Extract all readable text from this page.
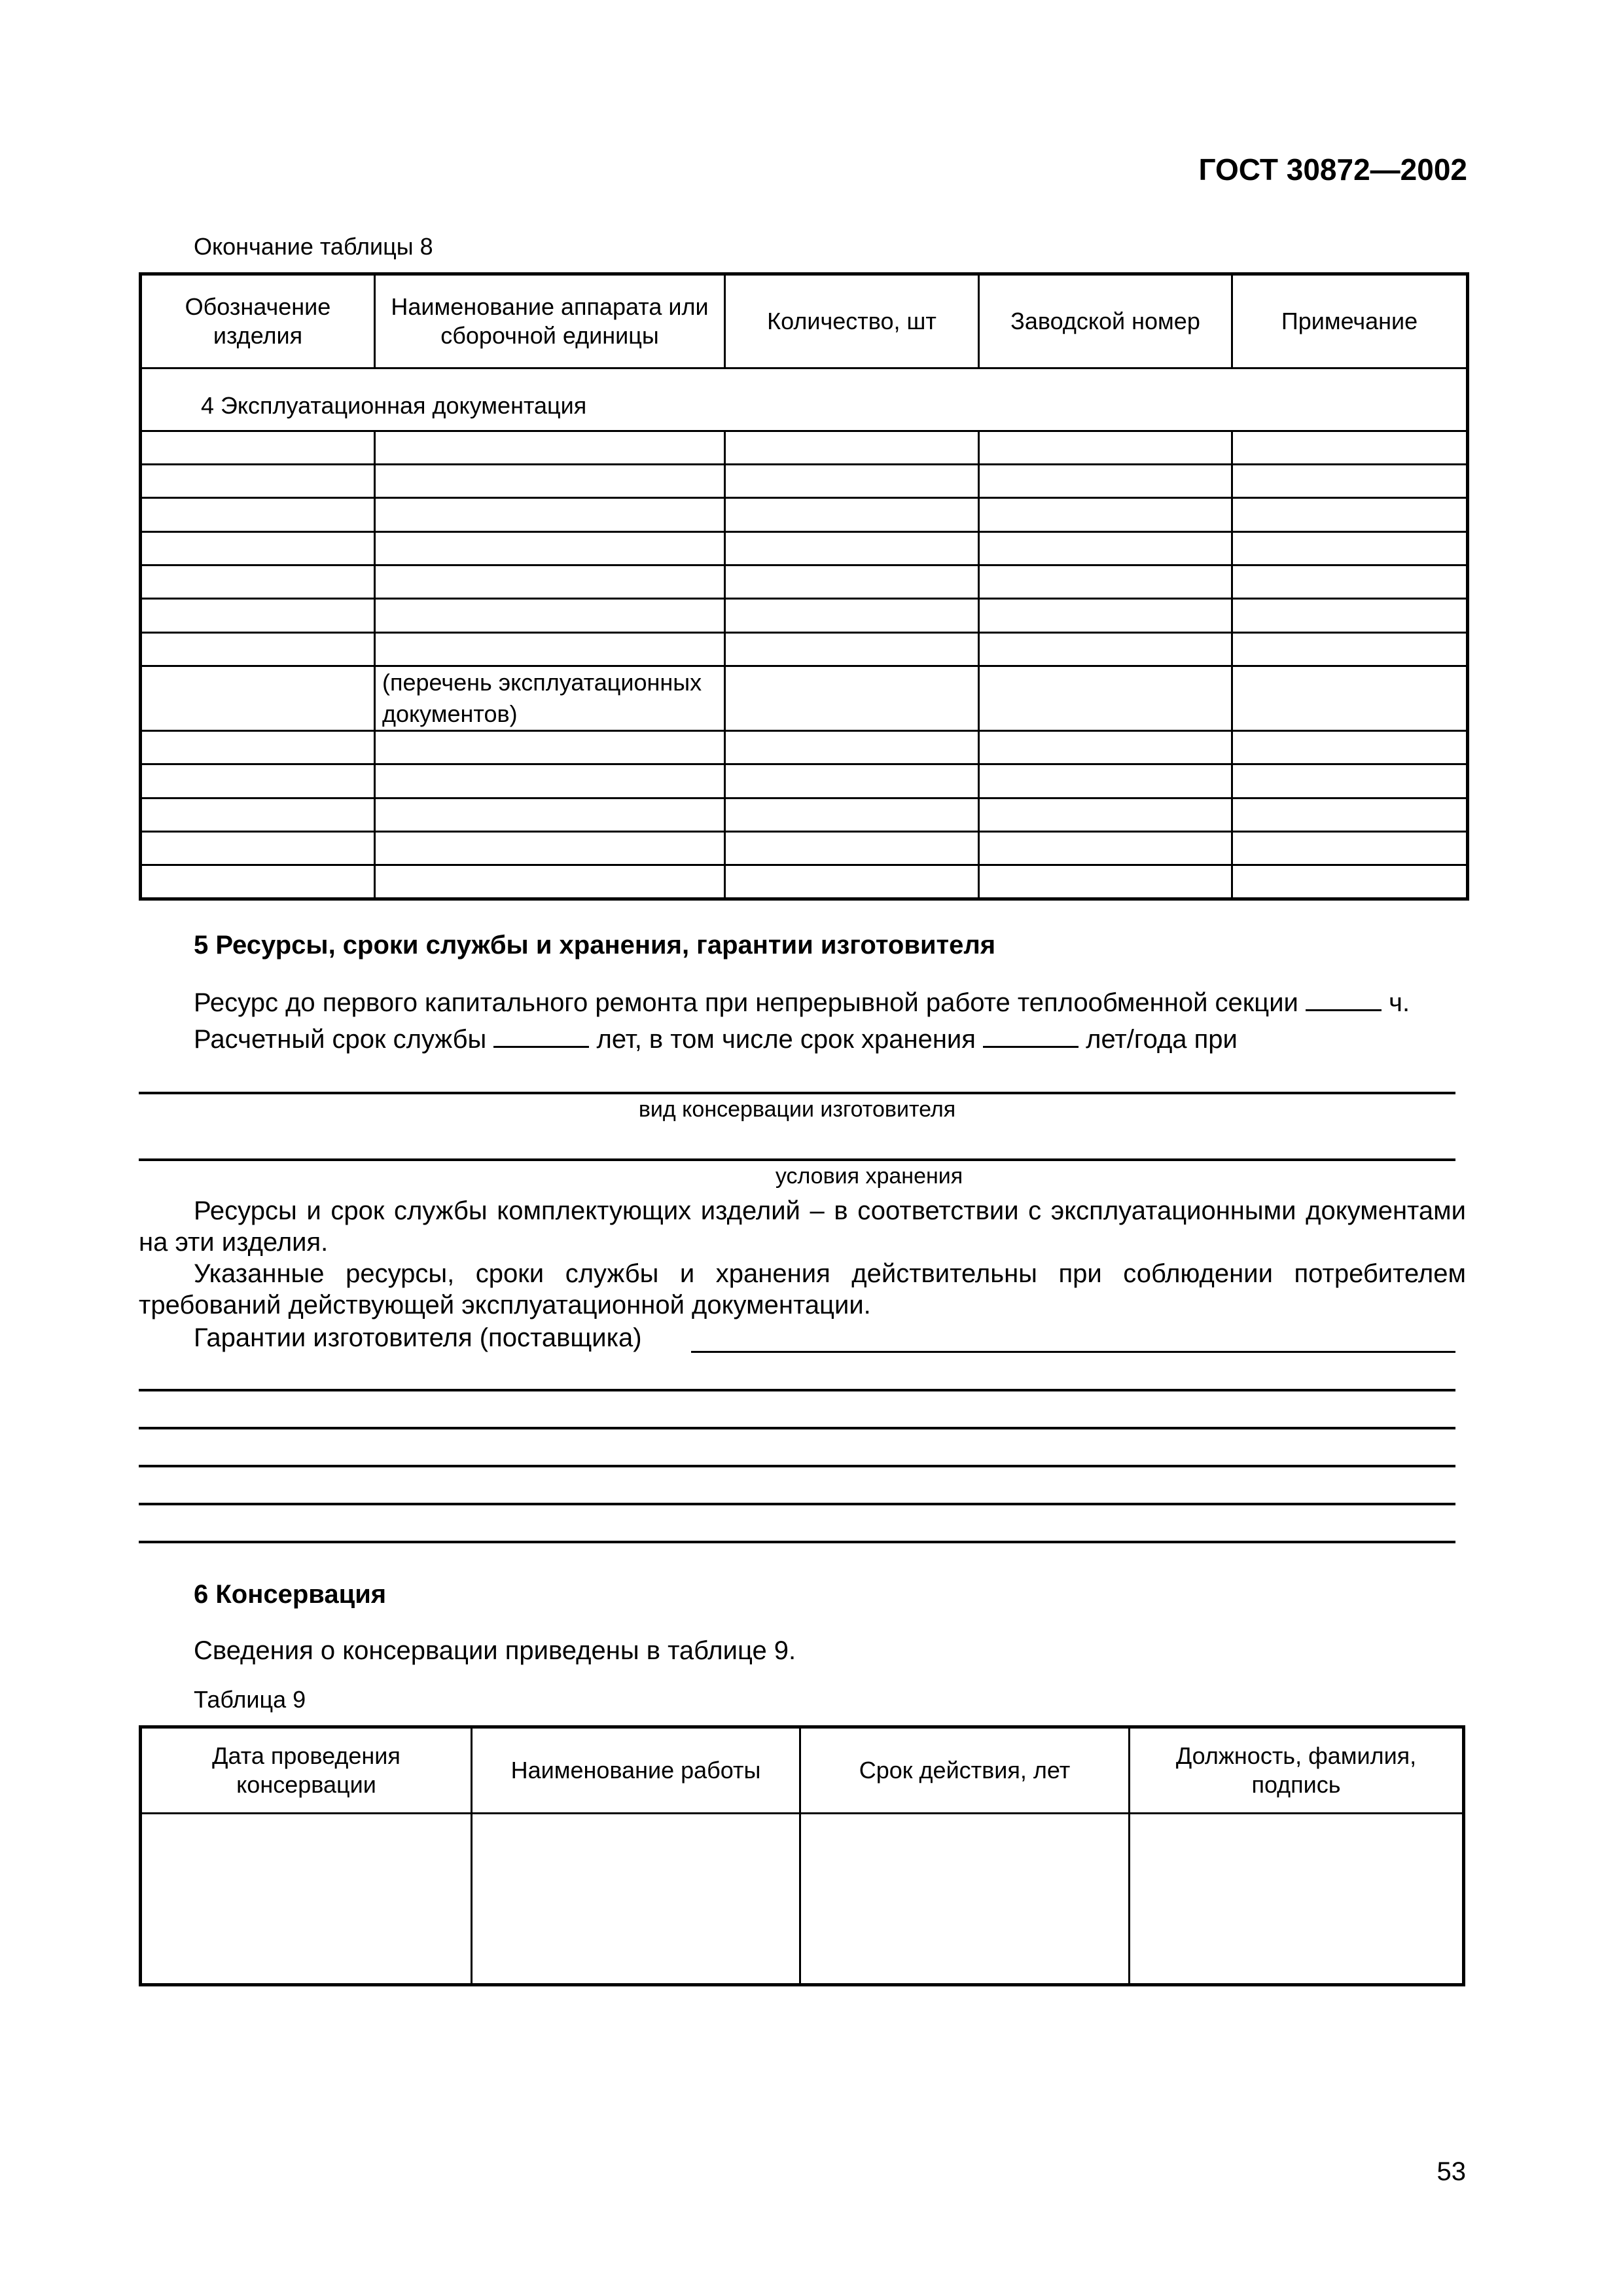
ГОСТ 30872—2002
Окончание таблицы 8
Обозначение изделия	Наименование аппарата или сборочной единицы	Количество, шт	Заводской номер	Примечание
4 Эксплуатационная документация				

	(перечень эксплуатационных документов)			

5 Ресурсы, сроки службы и хранения, гарантии изготовителя
Ресурс до первого капитального ремонта при непрерывной работе теплообменной секции	ч.
Расчетный срок службы	лет, в том числе срок хранения	лет/года при
вид консервации изготовителя
условия хранения
Ресурсы и срок службы комплектующих изделий – в соответствии с эксплуатационными документами на эти изделия.
Указанные ресурсы, сроки службы и хранения действительны при соблюдении потребителем требований действующей эксплуатационной документации.
Гарантии изготовителя (поставщика)
6 Консервация
Сведения о консервации приведены в таблице 9.
Таблица 9
Дата проведения консервации	Наименование работы	Срок действия, лет	Должность, фамилия, подпись

53
